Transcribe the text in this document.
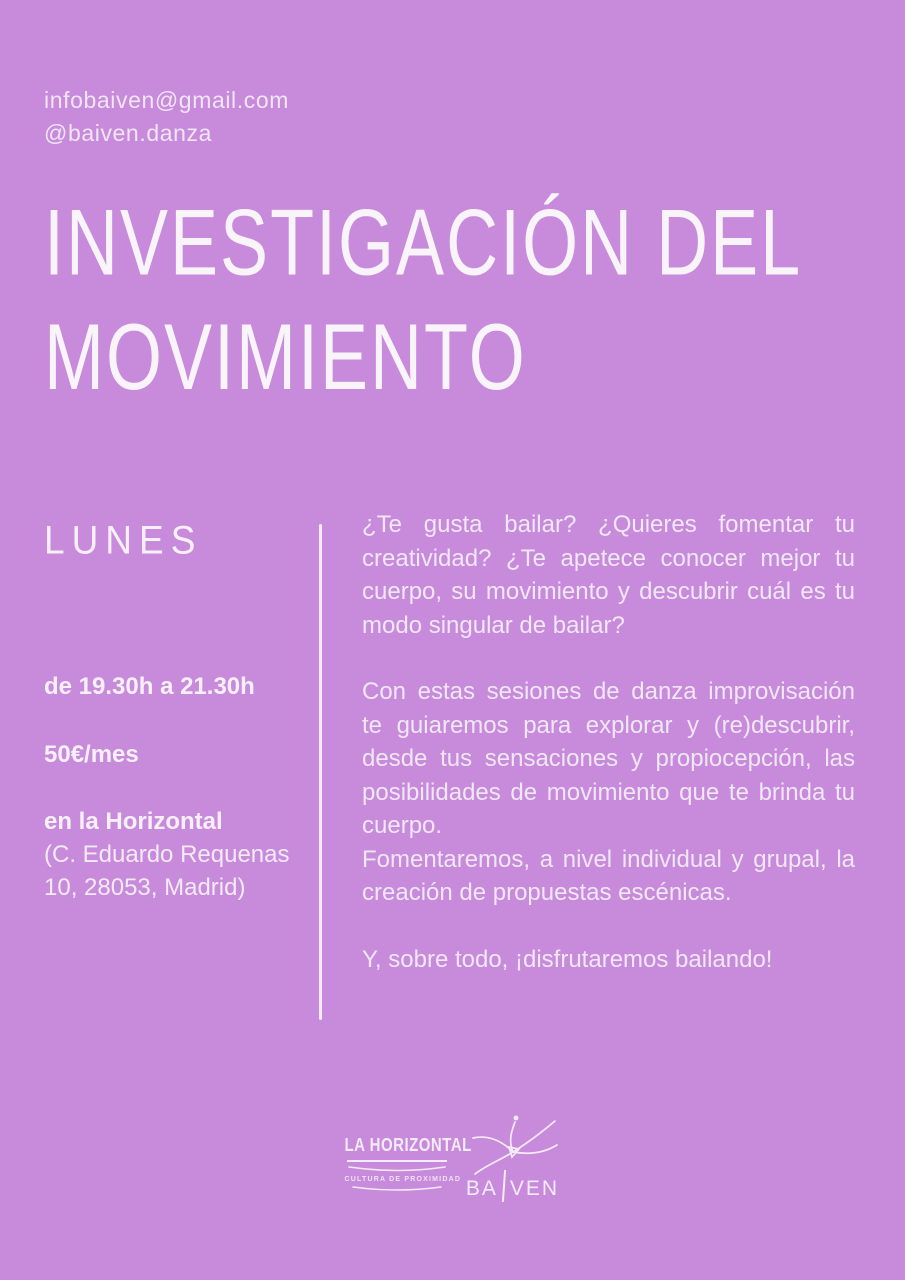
infobaiven@gmail.com
@baiven.danza
INVESTIGACIÓN DEL
MOVIMIENTO
LUNES

de 19.30h a 21.30h

50€/mes

en la Horizontal

(C. Eduardo Requenas

10, 28053, Madrid)

¿Te gusta bailar? ¿Quieres fomentar tu creatividad? ¿Te apetece conocer mejor tu cuerpo, su movimiento y descubrir cuál es tu modo singular de bailar?

Con estas sesiones de danza improvisación te guiaremos para explorar y (re)descubrir, desde tus sensaciones y propiocepción, las posibilidades de movimiento que te brinda tu cuerpo.

Fomentaremos, a nivel individual y grupal, la creación de propuestas escénicas.

Y, sobre todo, ¡disfrutaremos bailando!

LA HORIZONTAL
CULTURA DE PROXIMIDAD BA VEN
